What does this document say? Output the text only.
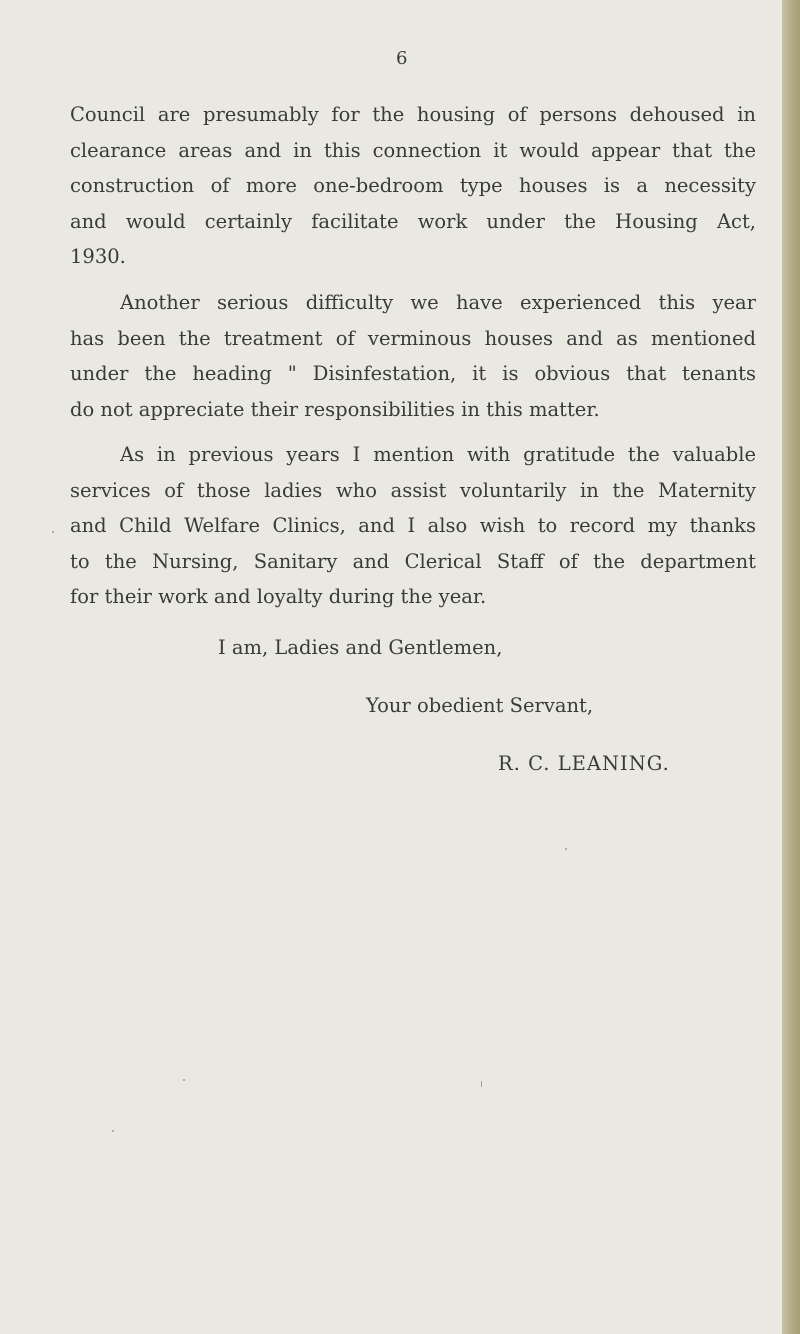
6

Council are presumably for the housing of persons dehoused in

clearance areas and in this connection it would appear that the

construction of more one-bedroom type houses is a necessity

and would certainly facilitate work under the Housing Act,

1930.

Another serious difficulty we have experienced this year

has been the treatment of verminous houses and as mentioned

under the heading " Disinfestation, it is obvious that tenants

do not appreciate their responsibilities in this matter.

As in previous years I mention with gratitude the valuable

services of those ladies who assist voluntarily in the Maternity

and Child Welfare Clinics, and I also wish to record my thanks

to the Nursing, Sanitary and Clerical Staff of the department

for their work and loyalty during the year.

I am, Ladies and Gentlemen,
Your obedient Servant,
R. C. LEANING.
